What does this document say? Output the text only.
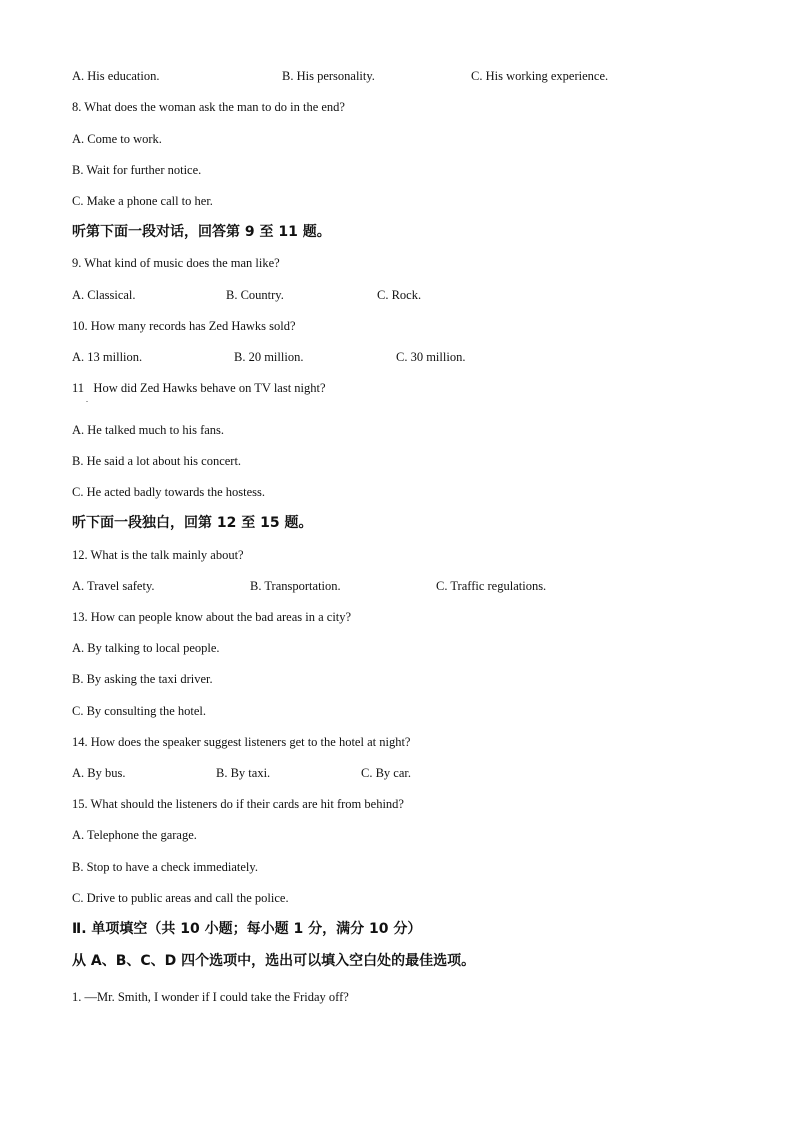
A. His education.	B. His personality.	C. His working experience.
8. What does the woman ask the man to do in the end?
A. Come to work.
B. Wait for further notice.
C. Make a phone call to her.
听第下面一段对话，回答第 9 至 11 题。
9. What kind of music does the man like?
A. Classical.	B. Country.	C. Rock.
10. How many records has Zed Hawks sold?
A. 13 million.	B. 20 million.	C. 30 million.
11   How did Zed Hawks behave on TV last night?
.
A. He talked much to his fans.
B. He said a lot about his concert.
C. He acted badly towards the hostess.
听下面一段独白，回第 12 至 15 题。
12. What is the talk mainly about?
A. Travel safety.	B. Transportation.	C. Traffic regulations.
13. How can people know about the bad areas in a city?
A. By talking to local people.
B. By asking the taxi driver.
C. By consulting the hotel.
14. How does the speaker suggest listeners get to the hotel at night?
A. By bus.	B. By taxi.	C. By car.
15. What should the listeners do if their cards are hit from behind?
A. Telephone the garage.
B. Stop to have a check immediately.
C. Drive to public areas and call the police.
Ⅱ. 单项填空（共 10 小题；每小题 1 分，满分 10 分）
从 A、B、C、D 四个选项中，选出可以填入空白处的最佳选项。
1. —Mr. Smith, I wonder if I could take the Friday off?
